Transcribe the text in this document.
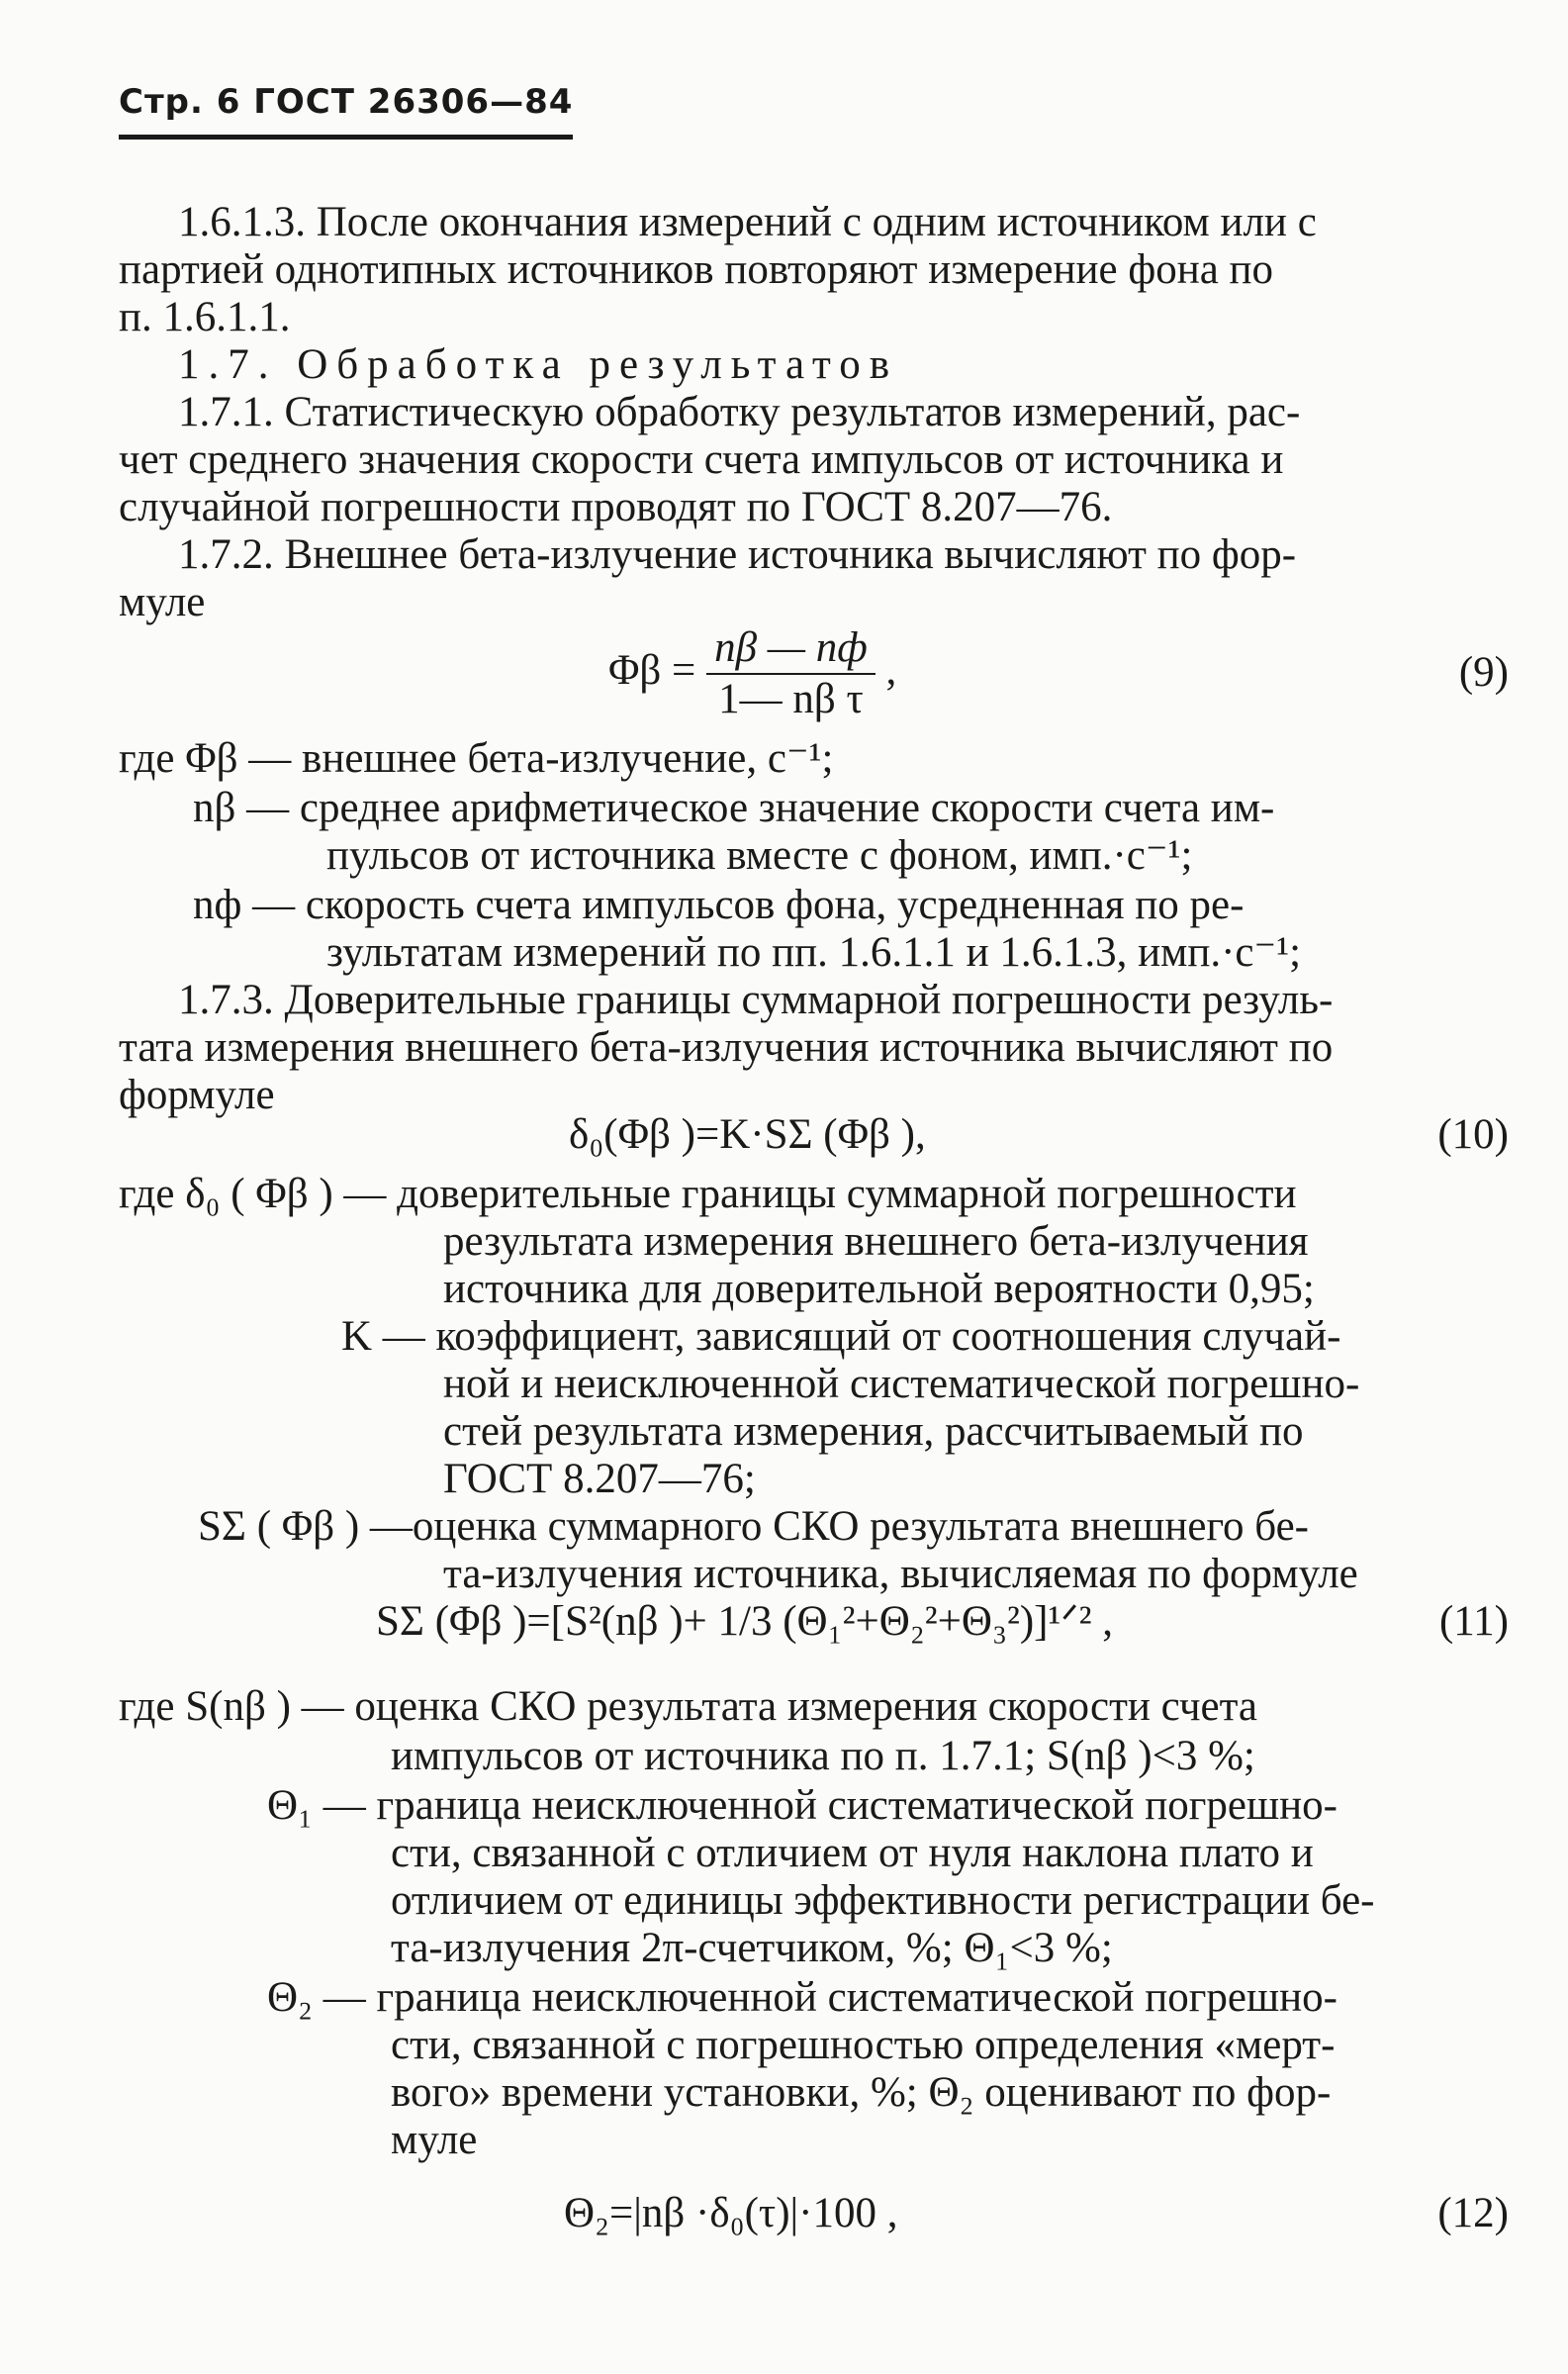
Стр. 6 ГОСТ 26306—84
1.6.1.3. После окончания измерений с одним источником или с
партией однотипных источников повторяют измерение фона по
п. 1.6.1.1.
1.7. Обработка результатов
1.7.1. Статистическую обработку результатов измерений, рас-
чет среднего значения скорости счета импульсов от источника и
случайной погрешности проводят по ГОСТ 8.207—76.
1.7.2. Внешнее бета-излучение источника вычисляют по фор-
муле
$\Phi\beta = \frac{n\beta — nф}{\text{1— nβ τ}}$ ,	(9)
где Φβ — внешнее бета-излучение, с⁻¹;
nβ — среднее арифметическое значение скорости счета им-
пульсов от источника вместе с фоном, имп.·с⁻¹;
nф — скорость счета импульсов фона, усредненная по ре-
зультатам измерений по пп. 1.6.1.1 и 1.6.1.3, имп.·с⁻¹;
1.7.3. Доверительные границы суммарной погрешности резуль-
тата измерения внешнего бета-излучения источника вычисляют по
формуле
δ₀(Φβ )=K·SΣ (Φβ ),	(10)
где δ₀ ( Φβ ) — доверительные границы суммарной погрешности
результата измерения внешнего бета-излучения
источника для доверительной вероятности 0,95;
K — коэффициент, зависящий от соотношения случай-
ной и неисключенной систематической погрешно-
стей результата измерения, рассчитываемый по
ГОСТ 8.207—76;
SΣ ( Φβ ) —оценка суммарного СКО результата внешнего бе-
та-излучения источника, вычисляемая по формуле
SΣ (Φβ )=[S²(nβ )+ 1/3 (Θ₁²+Θ₂²+Θ₃²)]¹ᐟ² ,	(11)
где S(nβ ) — оценка СКО результата измерения скорости счета
импульсов от источника по п. 1.7.1; S(nβ )<3 %;
Θ₁ — граница неисключенной систематической погрешно-
сти, связанной с отличием от нуля наклона плато и
отличием от единицы эффективности регистрации бе-
та-излучения 2π-счетчиком, %; Θ₁<3 %;
Θ₂ — граница неисключенной систематической погрешно-
сти, связанной с погрешностью определения «мерт-
вого» времени установки, %; Θ₂ оценивают по фор-
муле
Θ₂=|nβ ·δ₀(τ)|·100 ,	(12)
